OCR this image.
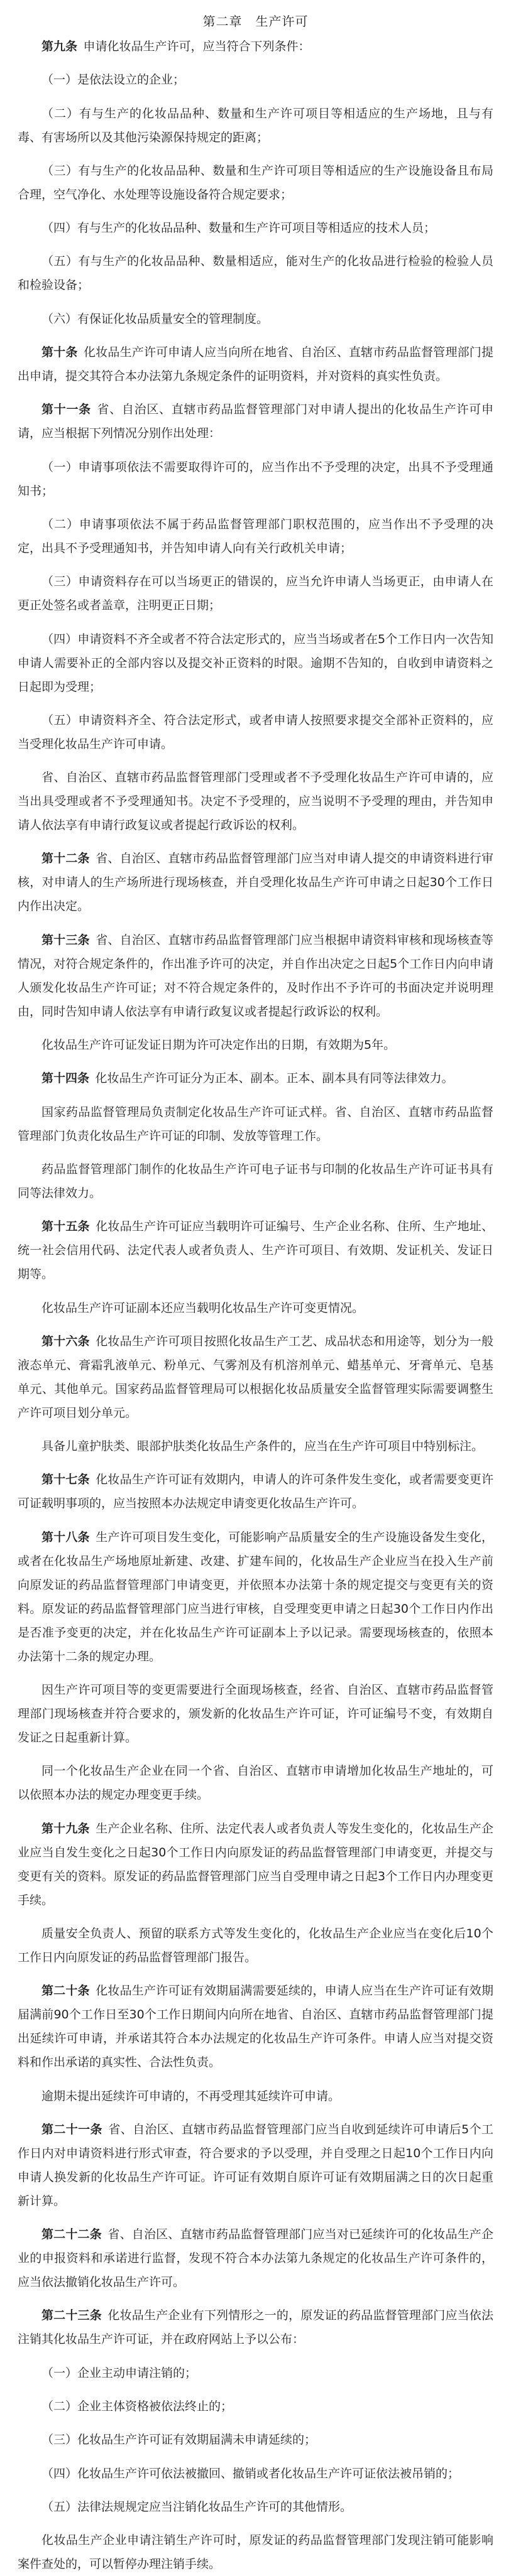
第二章　生产许可

第九条 申请化妆品生产许可，应当符合下列条件：

（一）是依法设立的企业；

（二）有与生产的化妆品品种、数量和生产许可项目等相适应的生产场地，且与有毒、有害场所以及其他污染源保持规定的距离；

（三）有与生产的化妆品品种、数量和生产许可项目等相适应的生产设施设备且布局合理，空气净化、水处理等设施设备符合规定要求；

（四）有与生产的化妆品品种、数量和生产许可项目等相适应的技术人员；

（五）有与生产的化妆品品种、数量相适应，能对生产的化妆品进行检验的检验人员和检验设备；

（六）有保证化妆品质量安全的管理制度。

第十条 化妆品生产许可申请人应当向所在地省、自治区、直辖市药品监督管理部门提出申请，提交其符合本办法第九条规定条件的证明资料，并对资料的真实性负责。

第十一条 省、自治区、直辖市药品监督管理部门对申请人提出的化妆品生产许可申请，应当根据下列情况分别作出处理：

（一）申请事项依法不需要取得许可的，应当作出不予受理的决定，出具不予受理通知书；

（二）申请事项依法不属于药品监督管理部门职权范围的，应当作出不予受理的决定，出具不予受理通知书，并告知申请人向有关行政机关申请；

（三）申请资料存在可以当场更正的错误的，应当允许申请人当场更正，由申请人在更正处签名或者盖章，注明更正日期；

（四）申请资料不齐全或者不符合法定形式的，应当当场或者在5个工作日内一次告知申请人需要补正的全部内容以及提交补正资料的时限。逾期不告知的，自收到申请资料之日起即为受理；

（五）申请资料齐全、符合法定形式，或者申请人按照要求提交全部补正资料的，应当受理化妆品生产许可申请。

省、自治区、直辖市药品监督管理部门受理或者不予受理化妆品生产许可申请的，应当出具受理或者不予受理通知书。决定不予受理的，应当说明不予受理的理由，并告知申请人依法享有申请行政复议或者提起行政诉讼的权利。

第十二条 省、自治区、直辖市药品监督管理部门应当对申请人提交的申请资料进行审核，对申请人的生产场所进行现场核查，并自受理化妆品生产许可申请之日起30个工作日内作出决定。

第十三条 省、自治区、直辖市药品监督管理部门应当根据申请资料审核和现场核查等情况，对符合规定条件的，作出准予许可的决定，并自作出决定之日起5个工作日内向申请人颁发化妆品生产许可证；对不符合规定条件的，及时作出不予许可的书面决定并说明理由，同时告知申请人依法享有申请行政复议或者提起行政诉讼的权利。

化妆品生产许可证发证日期为许可决定作出的日期，有效期为5年。

第十四条 化妆品生产许可证分为正本、副本。正本、副本具有同等法律效力。

国家药品监督管理局负责制定化妆品生产许可证式样。省、自治区、直辖市药品监督管理部门负责化妆品生产许可证的印制、发放等管理工作。

药品监督管理部门制作的化妆品生产许可电子证书与印制的化妆品生产许可证书具有同等法律效力。

第十五条 化妆品生产许可证应当载明许可证编号、生产企业名称、住所、生产地址、统一社会信用代码、法定代表人或者负责人、生产许可项目、有效期、发证机关、发证日期等。

化妆品生产许可证副本还应当载明化妆品生产许可变更情况。

第十六条 化妆品生产许可项目按照化妆品生产工艺、成品状态和用途等，划分为一般液态单元、膏霜乳液单元、粉单元、气雾剂及有机溶剂单元、蜡基单元、牙膏单元、皂基单元、其他单元。国家药品监督管理局可以根据化妆品质量安全监督管理实际需要调整生产许可项目划分单元。

具备儿童护肤类、眼部护肤类化妆品生产条件的，应当在生产许可项目中特别标注。

第十七条 化妆品生产许可证有效期内，申请人的许可条件发生变化，或者需要变更许可证载明事项的，应当按照本办法规定申请变更化妆品生产许可。

第十八条 生产许可项目发生变化，可能影响产品质量安全的生产设施设备发生变化，或者在化妆品生产场地原址新建、改建、扩建车间的，化妆品生产企业应当在投入生产前向原发证的药品监督管理部门申请变更，并依照本办法第十条的规定提交与变更有关的资料。原发证的药品监督管理部门应当进行审核，自受理变更申请之日起30个工作日内作出是否准予变更的决定，并在化妆品生产许可证副本上予以记录。需要现场核查的，依照本办法第十二条的规定办理。

因生产许可项目等的变更需要进行全面现场核查，经省、自治区、直辖市药品监督管理部门现场核查并符合要求的，颁发新的化妆品生产许可证，许可证编号不变，有效期自发证之日起重新计算。

同一个化妆品生产企业在同一个省、自治区、直辖市申请增加化妆品生产地址的，可以依照本办法的规定办理变更手续。

第十九条 生产企业名称、住所、法定代表人或者负责人等发生变化的，化妆品生产企业应当自发生变化之日起30个工作日内向原发证的药品监督管理部门申请变更，并提交与变更有关的资料。原发证的药品监督管理部门应当自受理申请之日起3个工作日内办理变更手续。

质量安全负责人、预留的联系方式等发生变化的，化妆品生产企业应当在变化后10个工作日内向原发证的药品监督管理部门报告。

第二十条 化妆品生产许可证有效期届满需要延续的，申请人应当在生产许可证有效期届满前90个工作日至30个工作日期间内向所在地省、自治区、直辖市药品监督管理部门提出延续许可申请，并承诺其符合本办法规定的化妆品生产许可条件。申请人应当对提交资料和作出承诺的真实性、合法性负责。

逾期未提出延续许可申请的，不再受理其延续许可申请。

第二十一条 省、自治区、直辖市药品监督管理部门应当自收到延续许可申请后5个工作日内对申请资料进行形式审查，符合要求的予以受理，并自受理之日起10个工作日内向申请人换发新的化妆品生产许可证。许可证有效期自原许可证有效期届满之日的次日起重新计算。

第二十二条 省、自治区、直辖市药品监督管理部门应当对已延续许可的化妆品生产企业的申报资料和承诺进行监督，发现不符合本办法第九条规定的化妆品生产许可条件的，应当依法撤销化妆品生产许可。

第二十三条 化妆品生产企业有下列情形之一的，原发证的药品监督管理部门应当依法注销其化妆品生产许可证，并在政府网站上予以公布：

（一）企业主动申请注销的；

（二）企业主体资格被依法终止的；

（三）化妆品生产许可证有效期届满未申请延续的；

（四）化妆品生产许可依法被撤回、撤销或者化妆品生产许可证依法被吊销的；

（五）法律法规规定应当注销化妆品生产许可的其他情形。

化妆品生产企业申请注销生产许可时，原发证的药品监督管理部门发现注销可能影响案件查处的，可以暂停办理注销手续。
